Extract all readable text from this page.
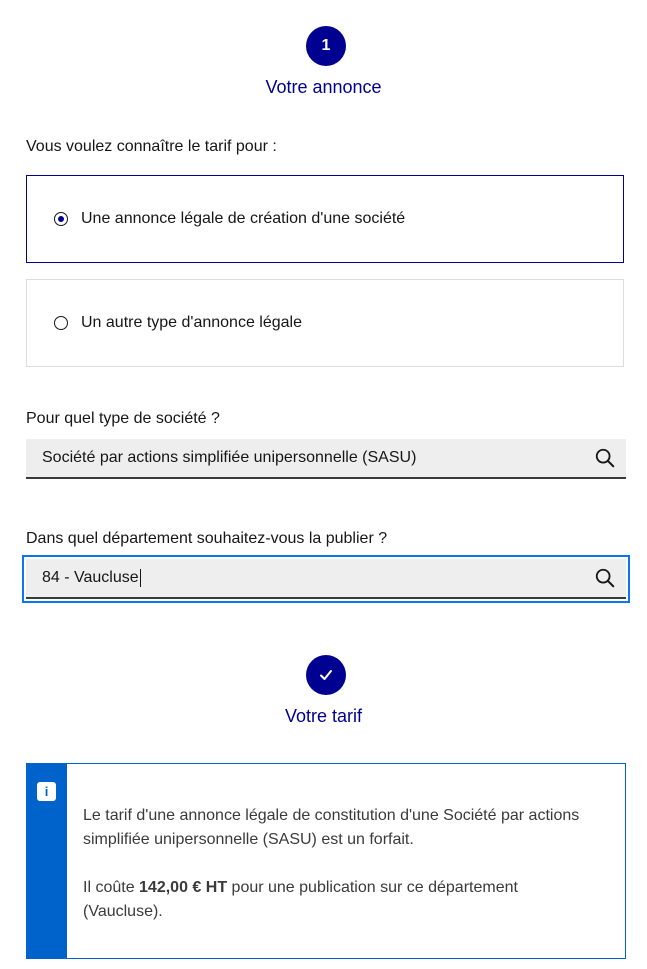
1
Votre annonce
Vous voulez connaître le tarif pour :
Une annonce légale de création d'une société
Un autre type d'annonce légale
Pour quel type de société ?
Société par actions simplifiée unipersonnelle (SASU)
Dans quel département souhaitez-vous la publier ?
84 - Vaucluse
Votre tarif
i

Le tarif d'une annonce légale de constitution d'une Société par actions simplifiée unipersonnelle (SASU) est un forfait.

Il coûte 142,00 € HT pour une publication sur ce département (Vaucluse).
